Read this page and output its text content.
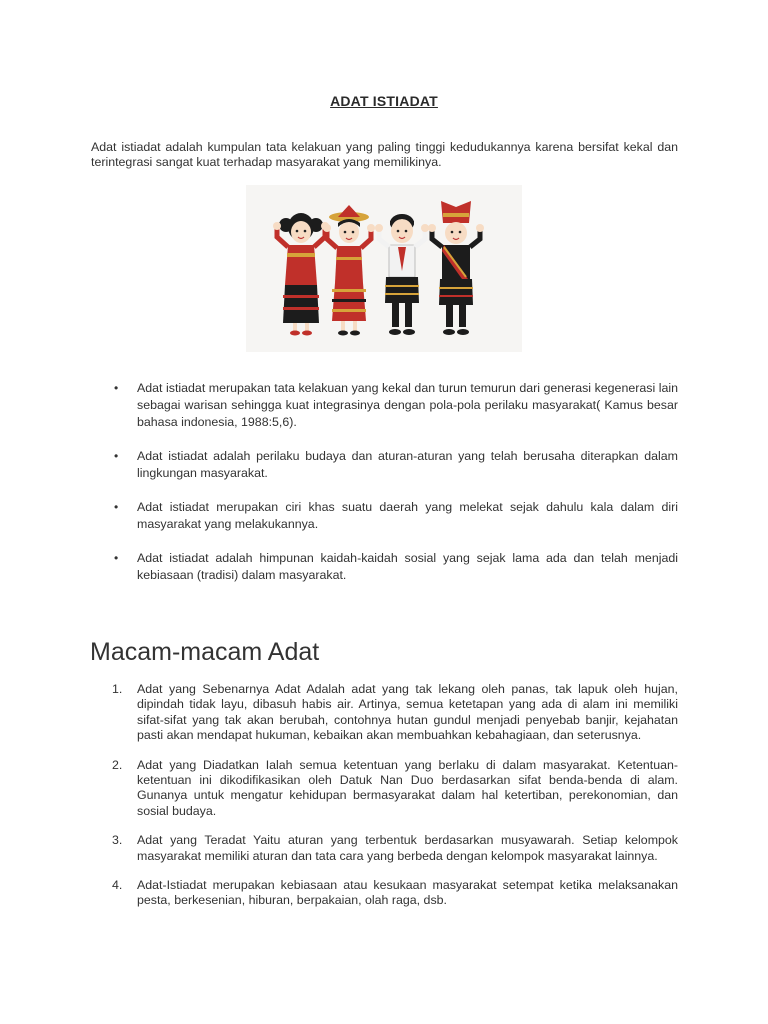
ADAT ISTIADAT
Adat istiadat adalah kumpulan tata kelakuan yang paling tinggi kedudukannya karena bersifat kekal dan terintegrasi sangat kuat terhadap masyarakat yang memilikinya.
• Adat istiadat merupakan tata kelakuan yang kekal dan turun temurun dari generasi kegenerasi lain sebagai warisan sehingga kuat integrasinya dengan pola-pola perilaku masyarakat( Kamus besar bahasa indonesia, 1988:5,6).
• Adat istiadat adalah perilaku budaya dan aturan-aturan yang telah berusaha diterapkan dalam lingkungan masyarakat.
• Adat istiadat merupakan ciri khas suatu daerah yang melekat sejak dahulu kala dalam diri masyarakat yang melakukannya.
• Adat istiadat adalah himpunan kaidah-kaidah sosial yang sejak lama ada dan telah menjadi kebiasaan (tradisi) dalam masyarakat.
Macam-macam Adat
1. Adat yang Sebenarnya Adat Adalah adat yang tak lekang oleh panas, tak lapuk oleh hujan, dipindah tidak layu, dibasuh habis air. Artinya, semua ketetapan yang ada di alam ini memiliki sifat-sifat yang tak akan berubah, contohnya hutan gundul menjadi penyebab banjir, kejahatan pasti akan mendapat hukuman, kebaikan akan membuahkan kebahagiaan, dan seterusnya.
2. Adat yang Diadatkan Ialah semua ketentuan yang berlaku di dalam masyarakat. Ketentuan-ketentuan ini dikodifikasikan oleh Datuk Nan Duo berdasarkan sifat benda-benda di alam. Gunanya untuk mengatur kehidupan bermasyarakat dalam hal ketertiban, perekonomian, dan sosial budaya.
3. Adat yang Teradat Yaitu aturan yang terbentuk berdasarkan musyawarah. Setiap kelompok masyarakat memiliki aturan dan tata cara yang berbeda dengan kelompok masyarakat lainnya.
4. Adat-Istiadat merupakan kebiasaan atau kesukaan masyarakat setempat ketika melaksanakan pesta, berkesenian, hiburan, berpakaian, olah raga, dsb.
